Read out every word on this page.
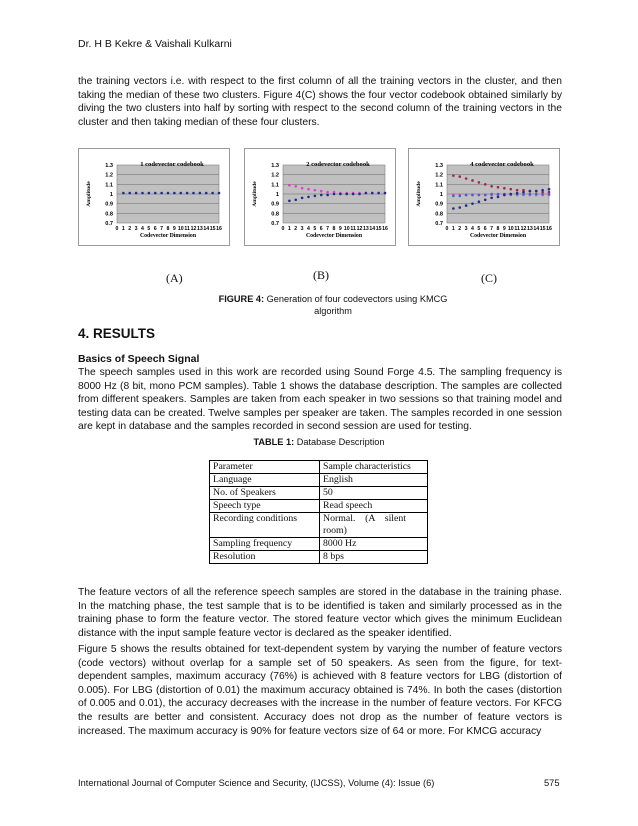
Dr. H B Kekre & Vaishali Kulkarni

the training vectors i.e. with respect to the first column of all the training vectors in the cluster, and then taking the median of these two clusters. Figure 4(C) shows the four vector codebook obtained similarly by diving the two clusters into half by sorting with respect to the second column of the training vectors in the cluster and then taking median of these four clusters.

0.7
0.8
0.9
1
1.1
1.2
1.3
0 1 2 3 4 5 6 7 8 9 10 11 12 13 14 15 16
1 codevector codebook
Codevector Dimension
Amplitude
0.7
0.8
0.9
1
1.1
1.2
1.3
0 1 2 3 4 5 6 7 8 9 10 11 12 13 14 15 16
2 codevector codebook
Codevector Dimension
Amplitude
0.7
0.8
0.9
1
1.1
1.2
1.3
0 1 2 3 4 5 6 7 8 9 10 11 12 13 14 15 16
4 codevector codebook
Codevector Dimension
Amplitude
(A)	(B)	(C)
FIGURE 4: Generation of four codevectors using KMCG algorithm
4. RESULTS
Basics of Speech Signal

The speech samples used in this work are recorded using Sound Forge 4.5. The sampling frequency is 8000 Hz (8 bit, mono PCM samples). Table 1 shows the database description. The samples are collected from different speakers. Samples are taken from each speaker in two sessions so that training model and testing data can be created. Twelve samples per speaker are taken. The samples recorded in one session are kept in database and the samples recorded in second session are used for testing.

TABLE 1: Database Description
Parameter	Sample characteristics
Language	English
No. of Speakers	50
Speech type	Read speech
Recording conditions	Normal.    (A    silent room)
Sampling frequency	8000 Hz
Resolution	8 bps

The feature vectors of all the reference speech samples are stored in the database in the training phase. In the matching phase, the test sample that is to be identified is taken and similarly processed as in the training phase to form the feature vector. The stored feature vector which gives the minimum Euclidean distance with the input sample feature vector is declared as the speaker identified.

Figure 5 shows the results obtained for text-dependent system by varying the number of feature vectors (code vectors) without overlap for a sample set of 50 speakers. As seen from the figure, for text-dependent samples, maximum accuracy (76%) is achieved with 8 feature vectors for LBG (distortion of 0.005). For LBG (distortion of 0.01) the maximum accuracy obtained is 74%. In both the cases (distortion of 0.005 and 0.01), the accuracy decreases with the increase in the number of feature vectors. For KFCG the results are better and consistent. Accuracy does not drop as the number of feature vectors is increased. The maximum accuracy is 90% for feature vectors size of 64 or more. For KMCG accuracy

International Journal of Computer Science and Security, (IJCSS), Volume (4): Issue (6)	575
